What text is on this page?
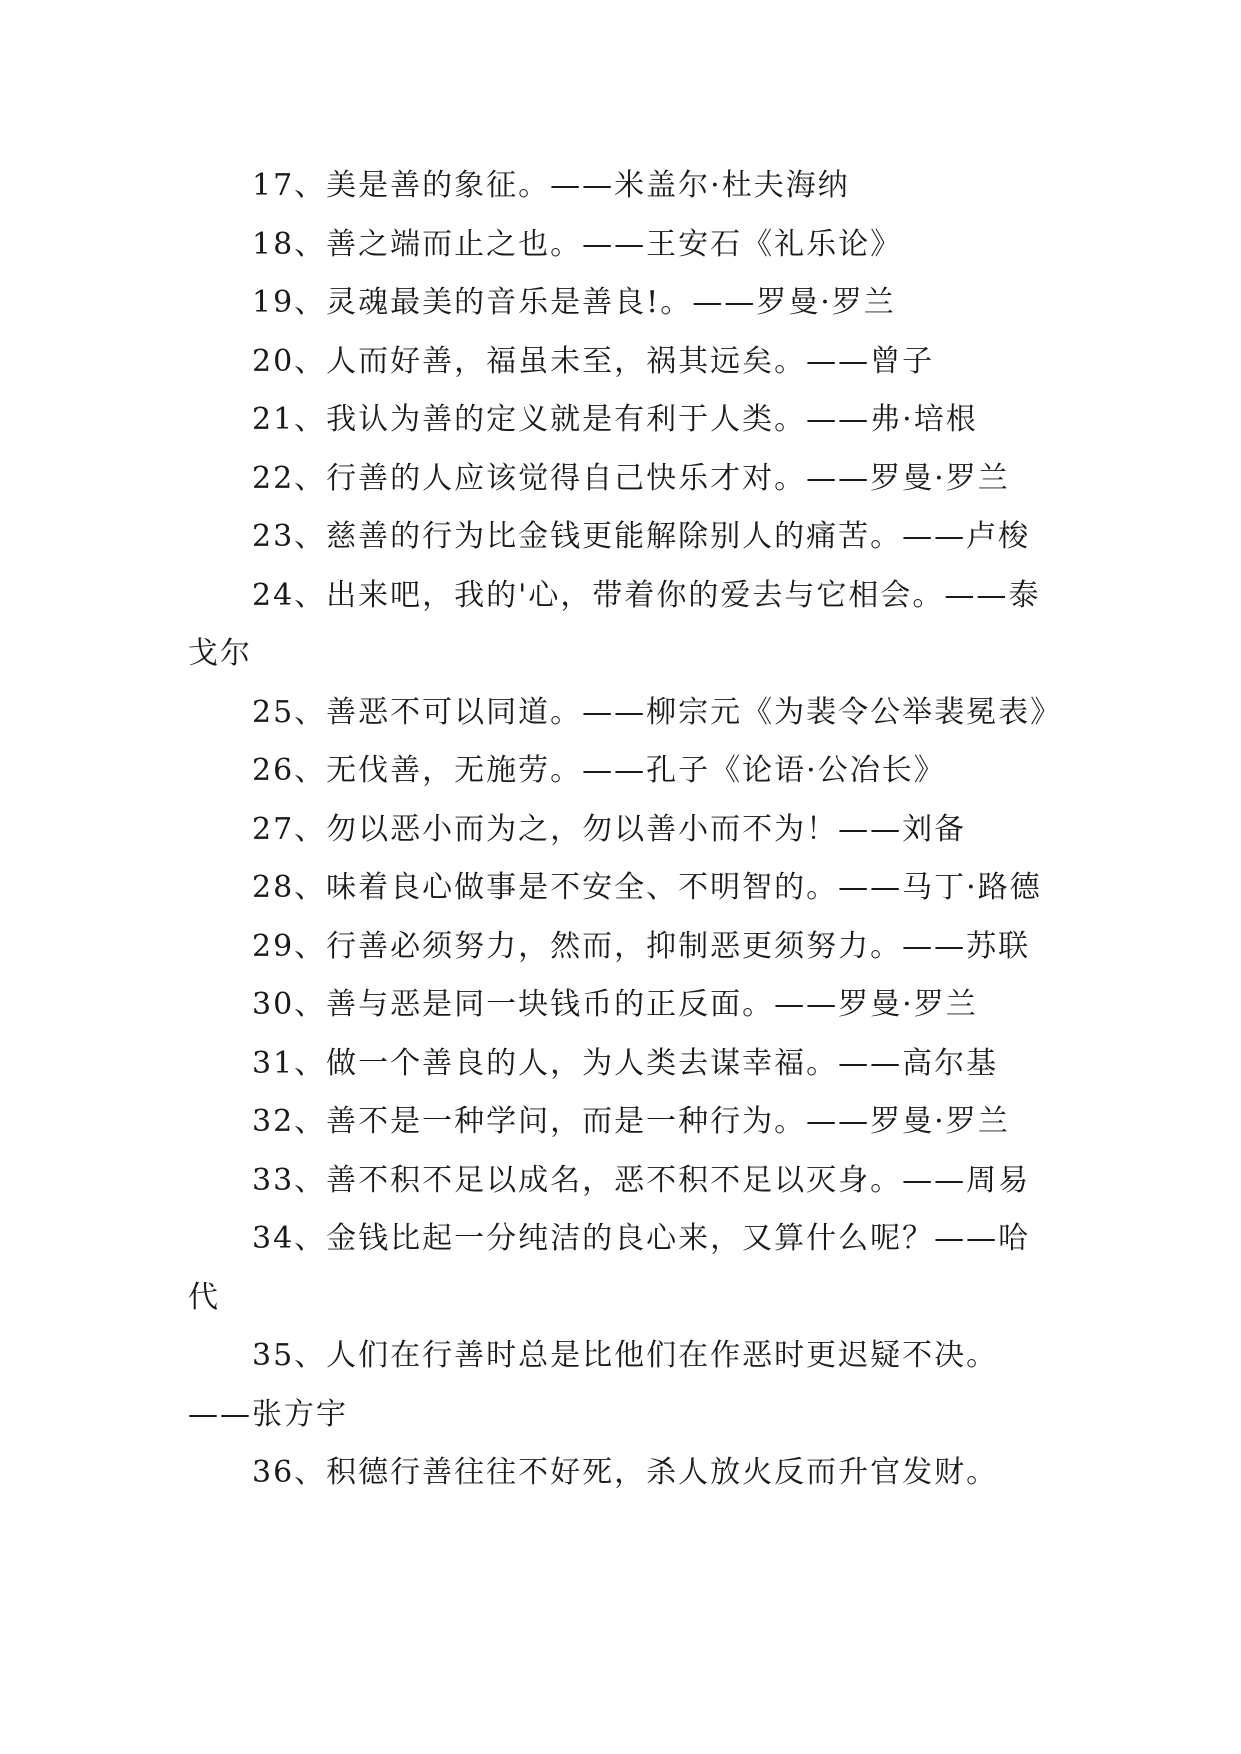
17、美是善的象征。——米盖尔·杜夫海纳

18、善之端而止之也。——王安石《礼乐论》

19、灵魂最美的音乐是善良!。——罗曼·罗兰

20、人而好善，福虽未至，祸其远矣。——曾子

21、我认为善的定义就是有利于人类。——弗·培根

22、行善的人应该觉得自己快乐才对。——罗曼·罗兰

23、慈善的行为比金钱更能解除别人的痛苦。——卢梭

24、出来吧，我的'心，带着你的爱去与它相会。——泰戈尔

25、善恶不可以同道。——柳宗元《为裴令公举裴冕表》

26、无伐善，无施劳。——孔子《论语·公冶长》

27、勿以恶小而为之，勿以善小而不为！——刘备

28、味着良心做事是不安全、不明智的。——马丁·路德

29、行善必须努力，然而，抑制恶更须努力。——苏联

30、善与恶是同一块钱币的正反面。——罗曼·罗兰

31、做一个善良的人，为人类去谋幸福。——高尔基

32、善不是一种学问，而是一种行为。——罗曼·罗兰

33、善不积不足以成名，恶不积不足以灭身。——周易

34、金钱比起一分纯洁的良心来，又算什么呢？——哈代

35、人们在行善时总是比他们在作恶时更迟疑不决。——张方宇

36、积德行善往往不好死，杀人放火反而升官发财。
